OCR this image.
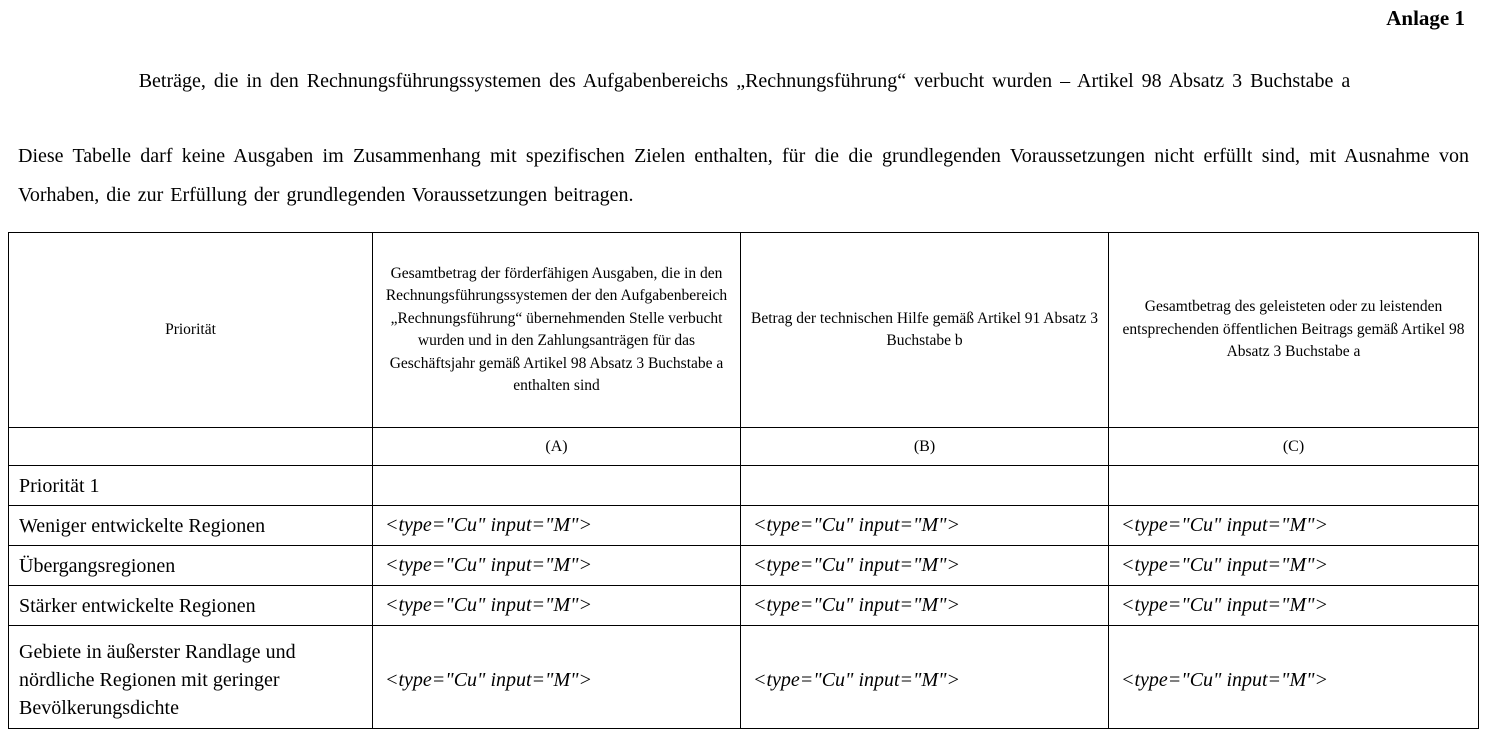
Anlage 1
Beträge, die in den Rechnungsführungssystemen des Aufgabenbereichs „Rechnungsführung“ verbucht wurden – Artikel 98 Absatz 3 Buchstabe a
Diese Tabelle darf keine Ausgaben im Zusammenhang mit spezifischen Zielen enthalten, für die die grundlegenden Voraussetzungen nicht erfüllt sind, mit Ausnahme von Vorhaben, die zur Erfüllung der grundlegenden Voraussetzungen beitragen.
Priorität	Gesamtbetrag der förderfähigen Ausgaben, die in den Rechnungsführungssystemen der den Aufgabenbereich „Rechnungsführung“ übernehmenden Stelle verbucht wurden und in den Zahlungsanträgen für das Geschäftsjahr gemäß Artikel 98 Absatz 3 Buchstabe a enthalten sind	Betrag der technischen Hilfe gemäß Artikel 91 Absatz 3 Buchstabe b	Gesamtbetrag des geleisteten oder zu leistenden entsprechenden öffentlichen Beitrags gemäß Artikel 98 Absatz 3 Buchstabe a
	(A)	(B)	(C)
Priorität 1			
Weniger entwickelte Regionen	<type="Cu" input="M">	<type="Cu" input="M">	<type="Cu" input="M">
Übergangsregionen	<type="Cu" input="M">	<type="Cu" input="M">	<type="Cu" input="M">
Stärker entwickelte Regionen	<type="Cu" input="M">	<type="Cu" input="M">	<type="Cu" input="M">
Gebiete in äußerster Randlage und nördliche Regionen mit geringer Bevölkerungsdichte	<type="Cu" input="M">	<type="Cu" input="M">	<type="Cu" input="M">
